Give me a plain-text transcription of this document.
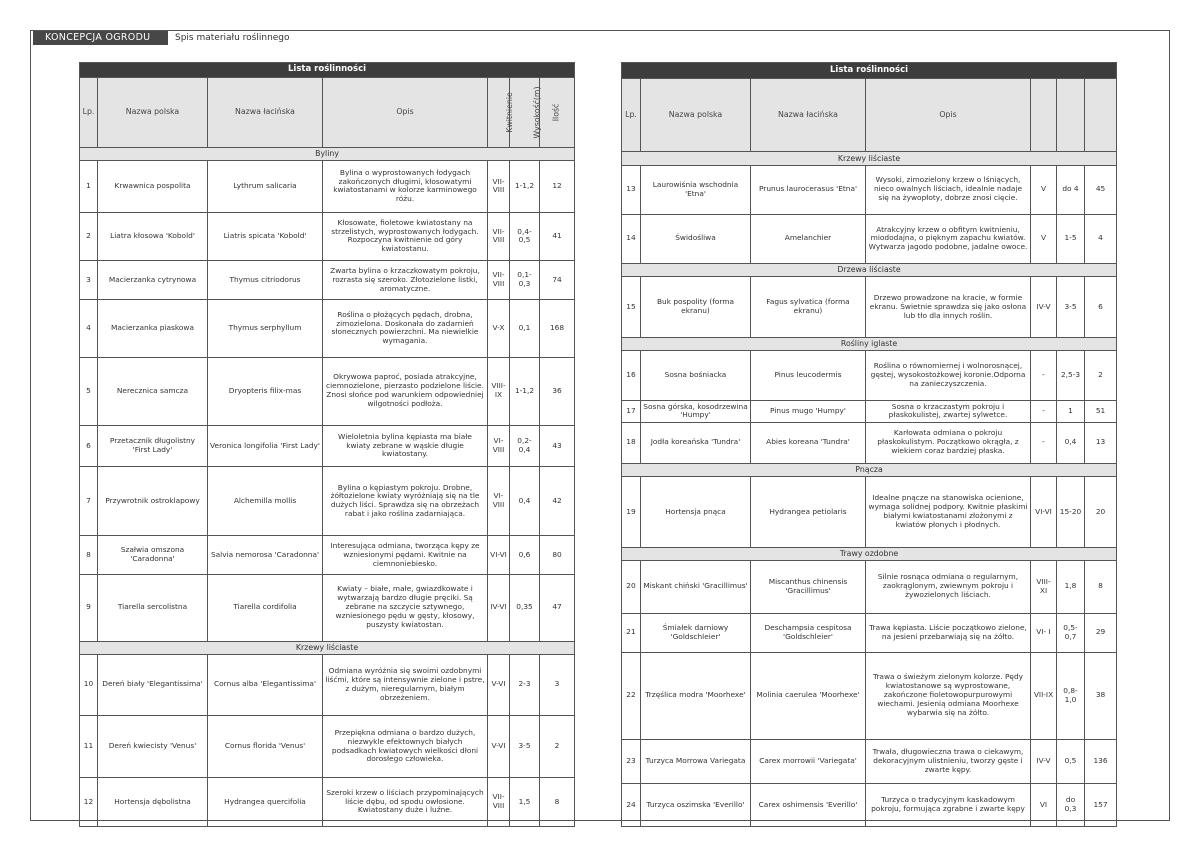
KONCEPCJA OGRODU	Spis materiału roślinnego
Lista roślinności						
Lp.	Nazwa polska	Nazwa łacińska	Opis	Kwitnienie	Wysokość(m)	Ilość
Byliny						
1	Krwawnica pospolita	Lythrum salicaria	Bylina o wyprostowanych łodygach zakończonych długimi, kłosowatymi kwiatostanami w kolorze karminowego różu.	VII-VIII	1-1,2	12
2	Liatra kłosowa 'Kobold'	Liatris spicata 'Kobold'	Kłosowate, fioletowe kwiatostany na strzelistych, wyprostowanych łodygach. Rozpoczyna kwitnienie od góry kwiatostanu.	VII-VIII	0,4-0,5	41
3	Macierzanka cytrynowa	Thymus citriodorus	Zwarta bylina o krzaczkowatym pokroju, rozrasta się szeroko. Złotozielone listki, aromatyczne.	VII-VIII	0,1-0,3	74
4	Macierzanka piaskowa	Thymus serphyllum	Roślina o płożących pędach, drobna, zimozielona. Doskonała do zadarnień słonecznych powierzchni. Ma niewielkie wymagania.	V-X	0,1	168
5	Nerecznica samcza	Dryopteris filix-mas	Okrywowa paproć, posiada atrakcyjne, ciemnozielone, pierzasto podzielone liście. Znosi słońce pod warunkiem odpowiedniej wilgotności podłoża.	VIII-IX	1-1,2	36
6	Przetacznik długolistny 'First Lady'	Veronica longifolia 'First Lady'	Wieloletnia bylina kępiasta ma białe kwiaty zebrane w wąskie długie kwiatostany.	VI-VIII	0,2-0,4	43
7	Przywrotnik ostroklapowy	Alchemilla mollis	Bylina o kępiastym pokroju. Drobne, żółtozielone kwiaty wyróżniają się na tle dużych liści. Sprawdza się na obrzeżach rabat i jako roślina zadarniająca.	VI-VIII	0,4	42
8	Szałwia omszona 'Caradonna'	Salvia nemorosa 'Caradonna'	Interesująca odmiana, tworząca kępy ze wzniesionymi pędami. Kwitnie na ciemnoniebiesko.	VI-VI	0,6	80
9	Tiarella sercolistna	Tiarella cordifolia	Kwiaty – białe, małe, gwiazdkowate i wytwarzają bardzo długie pręciki. Są zebrane na szczycie sztywnego, wzniesionego pędu w gęsty, kłosowy, puszysty kwiatostan.	IV-VI	0,35	47
Krzewy liściaste						
10	Dereń biały 'Elegantissima'	Cornus alba 'Elegantissima'	Odmiana wyróżnia się swoimi ozdobnymi liśćmi, które są intensywnie zielone i pstre, z dużym, nieregularnym, białym obrzeżeniem.	V-VI	2-3	3
11	Dereń kwiecisty 'Venus'	Cornus florida 'Venus'	Przepiękna odmiana o bardzo dużych, niezwykle efektownych białych podsadkach kwiatowych wielkości dłoni dorosłego człowieka.	V-VI	3-5	2
12	Hortensja dębolistna	Hydrangea quercifolia	Szeroki krzew o liściach przypominających liście dębu, od spodu owłosione. Kwiatostany duże i luźne.	VII-VIII	1,5	8
Lista roślinności						
Lp.	Nazwa polska	Nazwa łacińska	Opis			
Krzewy liściaste						
13	Laurowiśnia wschodnia 'Etna'	Prunus laurocerasus 'Etna'	Wysoki, zimozielony krzew o lśniących, nieco owalnych liściach, idealnie nadaje się na żywopłoty, dobrze znosi cięcie.	V	do 4	45
14	Świdośliwa	Amelanchier	Atrakcyjny krzew o obfitym kwitnieniu, miododajna, o pięknym zapachu kwiatów. Wytwarza jagodo podobne, jadalne owoce.	V	1-5	4
Drzewa liściaste						
15	Buk pospolity (forma ekranu)	Fagus sylvatica (forma ekranu)	Drzewo prowadzone na kracie, w formie ekranu. Świetnie sprawdza się jako osłona lub tło dla innych roślin.	IV-V	3-5	6
Rośliny iglaste						
16	Sosna bośniacka	Pinus leucodermis	Roślina o równomiernej i wolnorosnącej, gęstej, wysokostożkowej koronie.Odporna na zanieczyszczenia.	-	2,5-3	2
17	Sosna górska, kosodrzewina 'Humpy'	Pinus mugo 'Humpy'	Sosna o krzaczastym pokroju i płaskokulistej, zwartej sylwetce.	-	1	51
18	Jodła koreańska 'Tundra'	Abies koreana 'Tundra'	Karłowata odmiana o pokroju płaskokulistym. Początkowo okrągła, z wiekiem coraz bardziej płaska.	-	0,4	13
Pnącza						
19	Hortensja pnąca	Hydrangea petiolaris	Idealne pnącze na stanowiska ocienione, wymaga solidnej podpory. Kwitnie płaskimi białymi kwiatostanami złożonymi z kwiatów płonych i płodnych.	VI-VI	15-20	20
Trawy ozdobne						
20	Miskant chiński 'Gracillimus'	Miscanthus chinensis 'Gracillimus'	Silnie rosnąca odmiana o regularnym, zaokrąglonym, zwiewnym pokroju i żywozielonych liściach.	VIII-XI	1,8	8
21	Śmiałek darniowy 'Goldschleier'	Deschampsia cespitosa 'Goldschleier'	Trawa kępiasta. Liście początkowo zielone, na jesieni przebarwiają się na żółto.	VI- I	0,5-0,7	29
22	Trzęślica modra 'Moorhexe'	Molinia caerulea 'Moorhexe'	Trawa o świeżym zielonym kolorze. Pędy kwiatostanowe są wyprostowane, zakończone fioletowopurpurowymi wiechami. Jesienią odmiana Moorhexe wybarwia się na żółto.	VII-IX	0,8-1,0	38
23	Turzyca Morrowa Variegata	Carex morrowii 'Variegata'	Trwała, długowieczna trawa o ciekawym, dekoracyjnym ulistnieniu, tworzy gęste i zwarte kępy.	IV-V	0,5	136
24	Turzyca oszimska 'Everillo'	Carex oshimensis 'Everillo'	Turzyca o tradycyjnym kaskadowym pokroju, formująca zgrabne i zwarte kępy	VI	do 0,3	157
